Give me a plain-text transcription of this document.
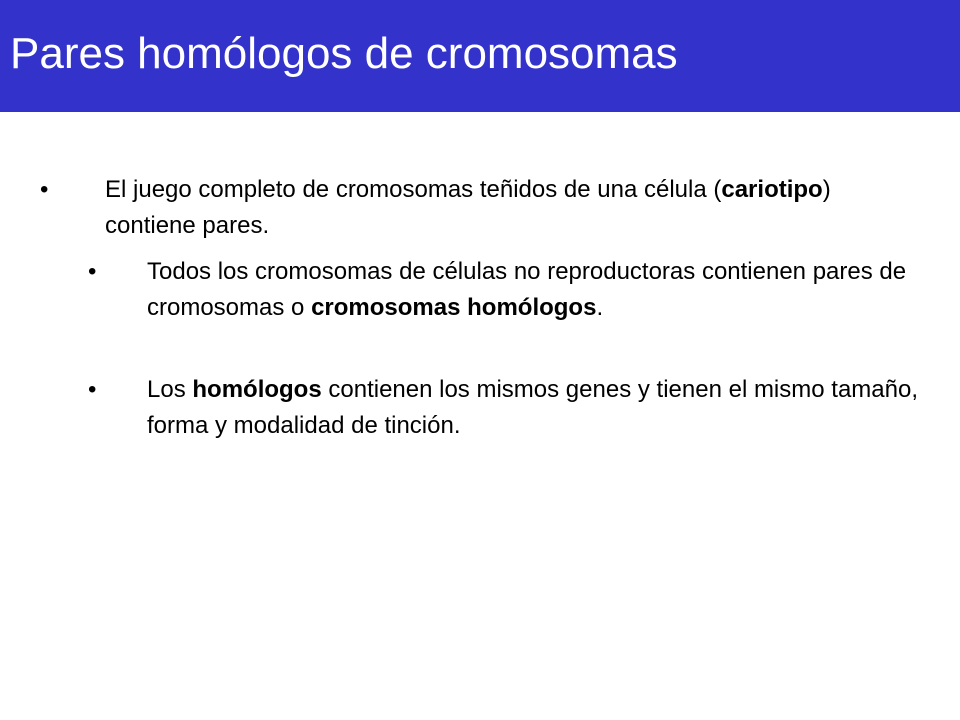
Pares homólogos de cromosomas
• El juego completo de cromosomas teñidos de una célula (cariotipo) contiene pares.

• Todos los cromosomas de células no reproductoras contienen pares de cromosomas o cromosomas homólogos.

• Los homólogos contienen los mismos genes y tienen el mismo tamaño, forma y modalidad de tinción.
